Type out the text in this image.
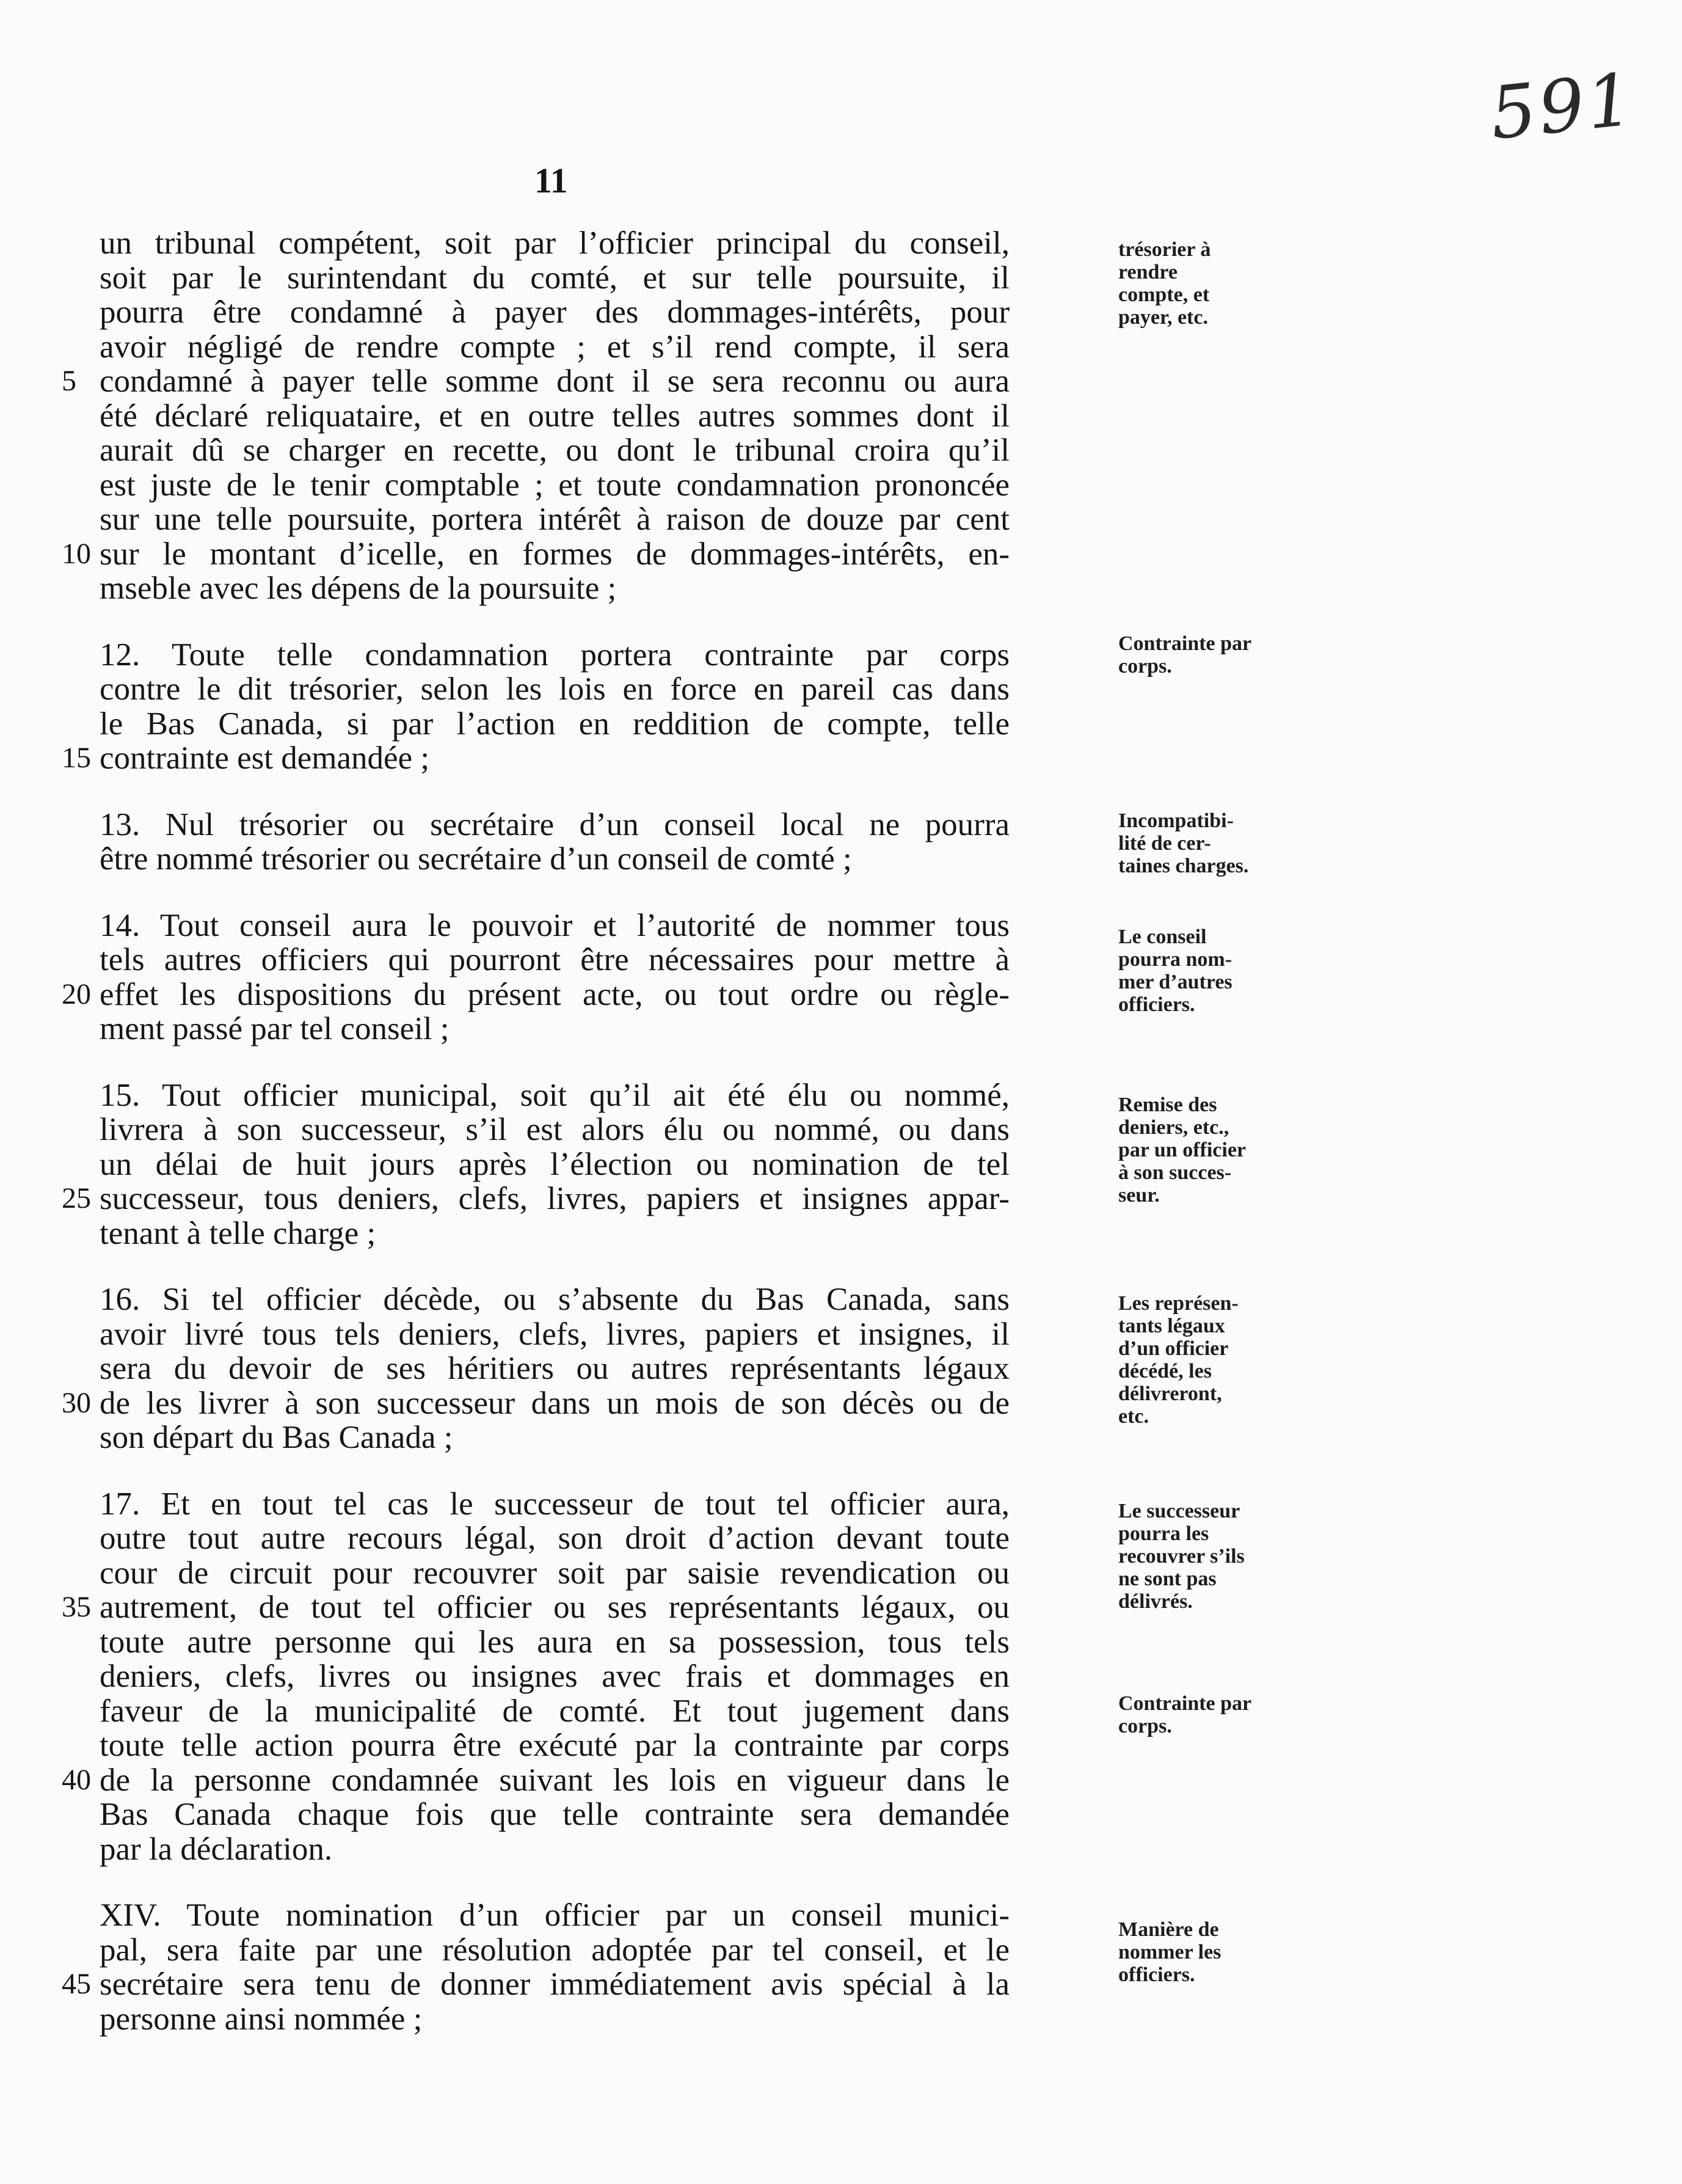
591
11
un tribunal compétent, soit par l’officier principal du conseil,
soit par le surintendant du comté, et sur telle poursuite, il
pourra être condamné à payer des dommages-intérêts, pour
avoir négligé de rendre compte ; et s’il rend compte, il sera
5 condamné à payer telle somme dont il se sera reconnu ou aura
été déclaré reliquataire, et en outre telles autres sommes dont il
aurait dû se charger en recette, ou dont le tribunal croira qu’il
est juste de le tenir comptable ; et toute condamnation prononcée
sur une telle poursuite, portera intérêt à raison de douze par cent
10 sur le montant d’icelle, en formes de dommages-intérêts, en-
mseble avec les dépens de la poursuite ;
12. Toute telle condamnation portera contrainte par corps
contre le dit trésorier, selon les lois en force en pareil cas dans
le Bas Canada, si par l’action en reddition de compte, telle
15 contrainte est demandée ;
13. Nul trésorier ou secrétaire d’un conseil local ne pourra
être nommé trésorier ou secrétaire d’un conseil de comté ;
14. Tout conseil aura le pouvoir et l’autorité de nommer tous
tels autres officiers qui pourront être nécessaires pour mettre à
20 effet les dispositions du présent acte, ou tout ordre ou règle-
ment passé par tel conseil ;
15. Tout officier municipal, soit qu’il ait été élu ou nommé,
livrera à son successeur, s’il est alors élu ou nommé, ou dans
un délai de huit jours après l’élection ou nomination de tel
25 successeur, tous deniers, clefs, livres, papiers et insignes appar-
tenant à telle charge ;
16. Si tel officier décède, ou s’absente du Bas Canada, sans
avoir livré tous tels deniers, clefs, livres, papiers et insignes, il
sera du devoir de ses héritiers ou autres représentants légaux
30 de les livrer à son successeur dans un mois de son décès ou de
son départ du Bas Canada ;
17. Et en tout tel cas le successeur de tout tel officier aura,
outre tout autre recours légal, son droit d’action devant toute
cour de circuit pour recouvrer soit par saisie revendication ou
35 autrement, de tout tel officier ou ses représentants légaux, ou
toute autre personne qui les aura en sa possession, tous tels
deniers, clefs, livres ou insignes avec frais et dommages en
faveur de la municipalité de comté. Et tout jugement dans
toute telle action pourra être exécuté par la contrainte par corps
40 de la personne condamnée suivant les lois en vigueur dans le
Bas Canada chaque fois que telle contrainte sera demandée
par la déclaration.
XIV. Toute nomination d’un officier par un conseil munici-
pal, sera faite par une résolution adoptée par tel conseil, et le
45 secrétaire sera tenu de donner immédiatement avis spécial à la
personne ainsi nommée ;
trésorier à
rendre
compte, et
payer, etc.
Contrainte par
corps.
Incompatibi-
lité de cer-
taines charges.
Le conseil
pourra nom-
mer d’autres
officiers.
Remise des
deniers, etc.,
par un officier
à son succes-
seur.
Les représen-
tants légaux
d’un officier
décédé, les
délivreront,
etc.
Le successeur
pourra les
recouvrer s’ils
ne sont pas
délivrés.
Contrainte par
corps.
Manière de
nommer les
officiers.
